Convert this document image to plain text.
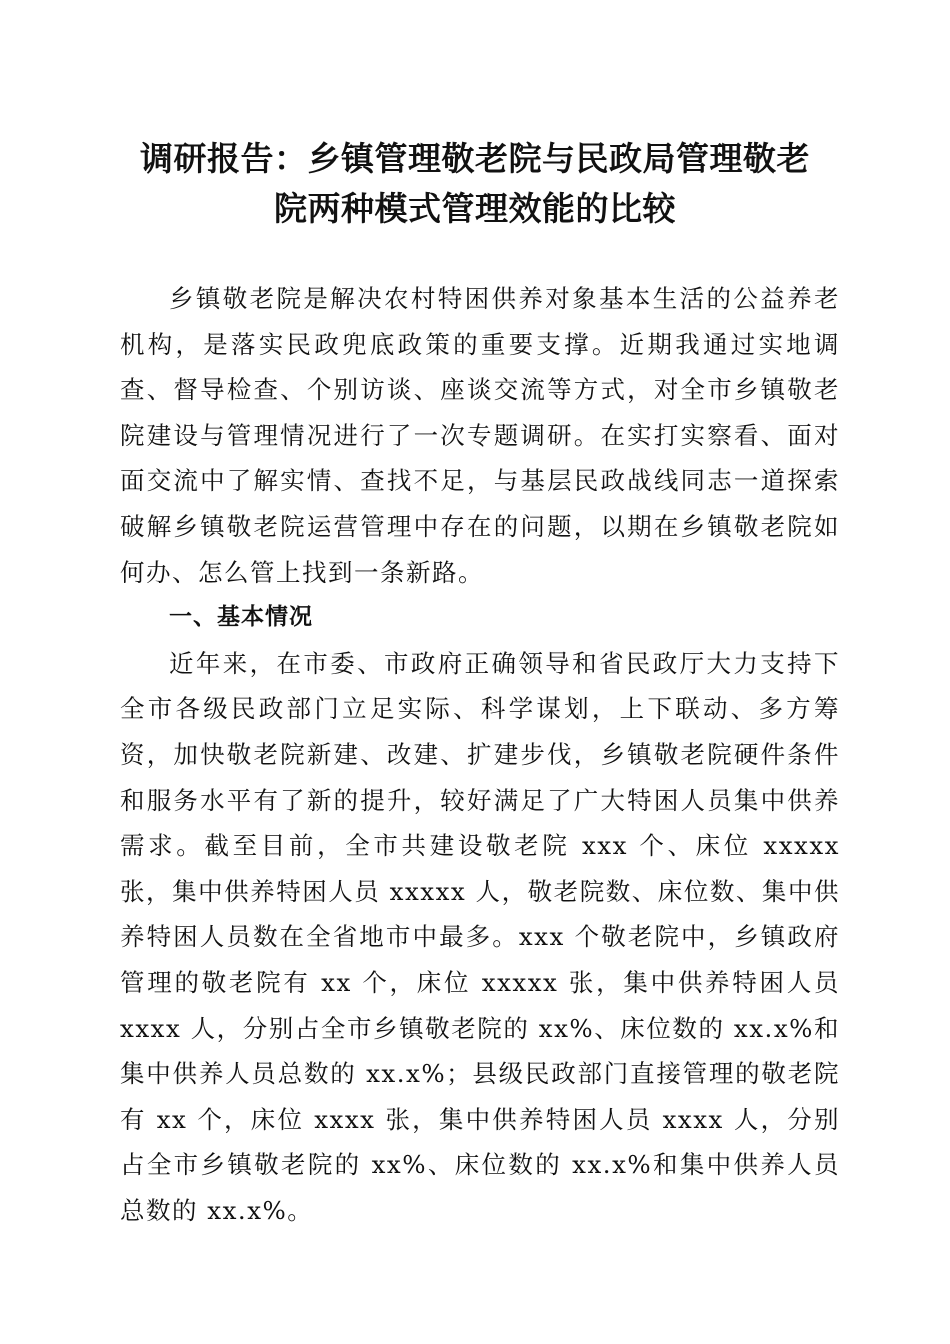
调研报告：乡镇管理敬老院与民政局管理敬老
院两种模式管理效能的比较

乡镇敬老院是解决农村特困供养对象基本生活的公益养老机构，是落实民政兜底政策的重要支撑。近期我通过实地调查、督导检查、个别访谈、座谈交流等方式，对全市乡镇敬老院建设与管理情况进行了一次专题调研。在实打实察看、面对面交流中了解实情、查找不足，与基层民政战线同志一道探索破解乡镇敬老院运营管理中存在的问题，以期在乡镇敬老院如何办、怎么管上找到一条新路。

一、基本情况

近年来，在市委、市政府正确领导和省民政厅大力支持下全市各级民政部门立足实际、科学谋划，上下联动、多方筹资，加快敬老院新建、改建、扩建步伐，乡镇敬老院硬件条件和服务水平有了新的提升，较好满足了广大特困人员集中供养需求。截至目前，全市共建设敬老院 xxx 个、床位 xxxxx 张，集中供养特困人员 xxxxx 人，敬老院数、床位数、集中供养特困人员数在全省地市中最多。xxx 个敬老院中，乡镇政府管理的敬老院有 xx 个，床位 xxxxx 张，集中供养特困人员 xxxx 人，分别占全市乡镇敬老院的 xx%、床位数的 xx.x%和集中供养人员总数的 xx.x%；县级民政部门直接管理的敬老院有 xx 个，床位 xxxx 张，集中供养特困人员 xxxx 人，分别占全市乡镇敬老院的 xx%、床位数的 xx.x%和集中供养人员总数的 xx.x%。
